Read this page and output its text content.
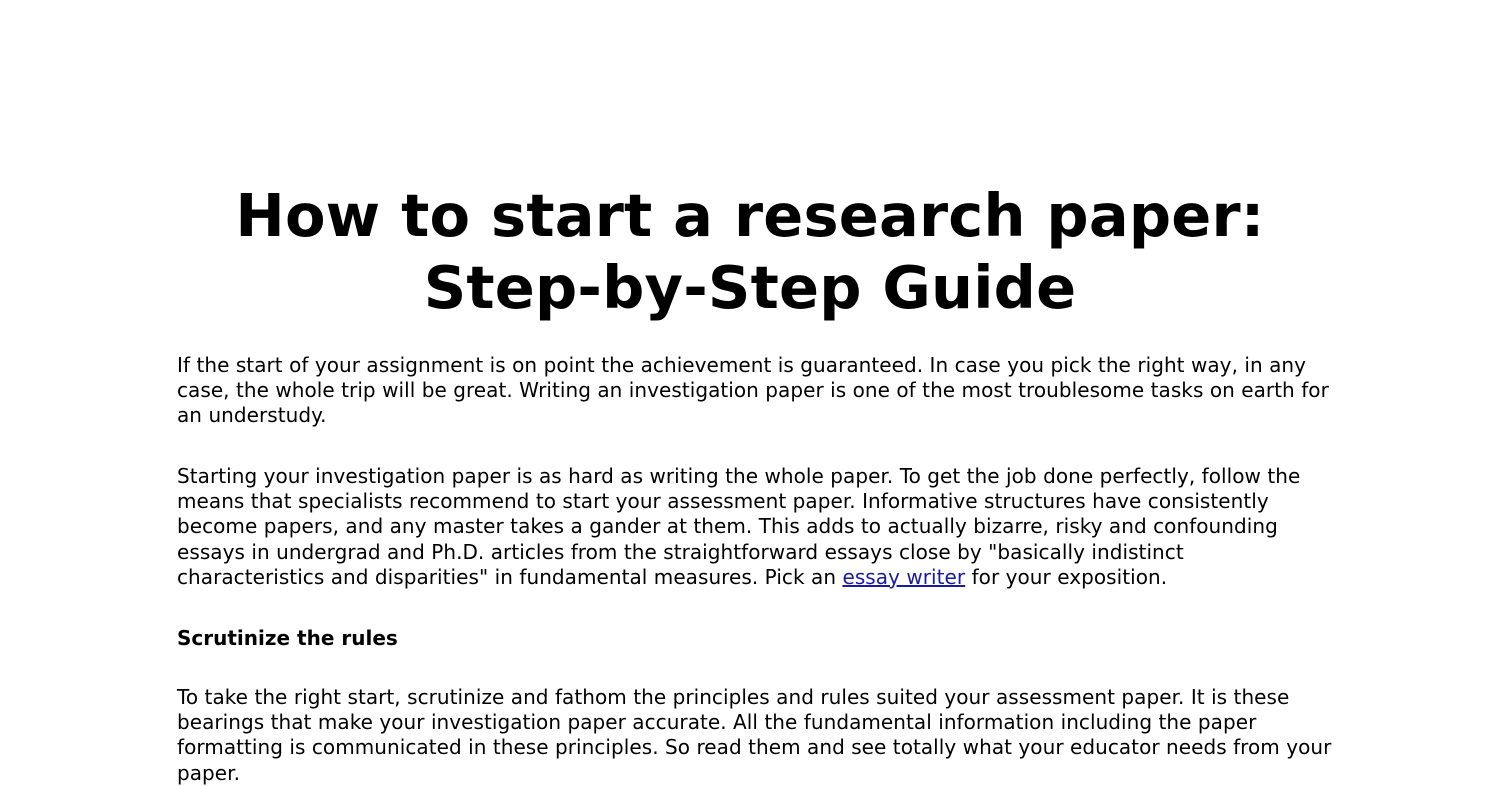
How to start a research paper:
Step-by-Step Guide

If the start of your assignment is on point the achievement is guaranteed. In case you pick the right way, in any case, the whole trip will be great. Writing an investigation paper is one of the most troublesome tasks on earth for an understudy.

Starting your investigation paper is as hard as writing the whole paper. To get the job done perfectly, follow the means that specialists recommend to start your assessment paper. Informative structures have consistently become papers, and any master takes a gander at them. This adds to actually bizarre, risky and confounding essays in undergrad and Ph.D. articles from the straightforward essays close by "basically indistinct characteristics and disparities" in fundamental measures. Pick an essay writer for your exposition.

Scrutinize the rules

To take the right start, scrutinize and fathom the principles and rules suited your assessment paper. It is these bearings that make your investigation paper accurate. All the fundamental information including the paper formatting is communicated in these principles. So read them and see totally what your educator needs from your paper.
